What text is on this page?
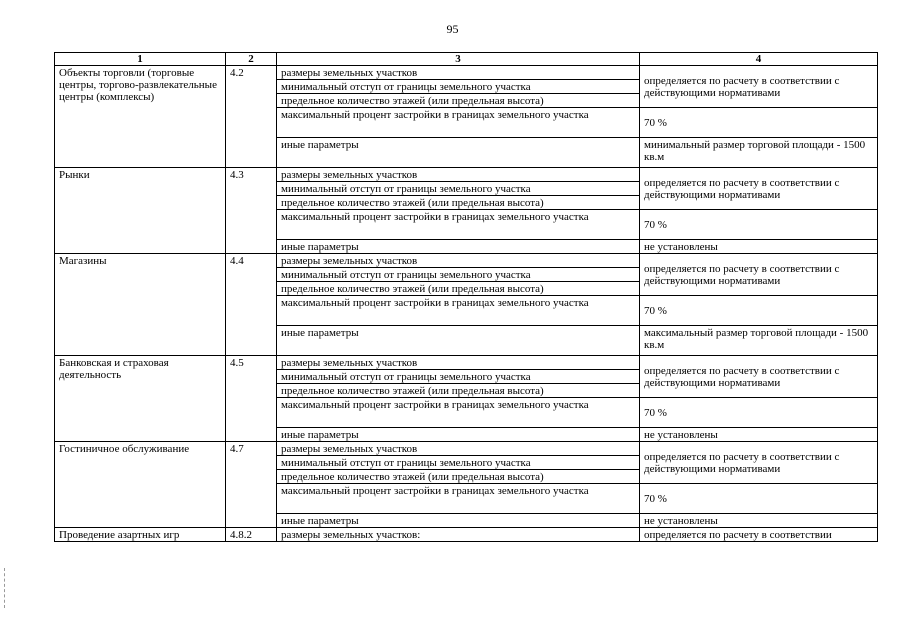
95
1	2	3	4
Объекты торговли (торговые центры, торгово-развлекательные центры (комплексы)	4.2	размеры земельных участков	определяется по расчету в соответствии с действующими нормативами
		минимальный отступ от границы земельного участка	
		предельное количество этажей (или предельная высота)	
		максимальный процент застройки в границах земельного участка	70 %
		иные параметры	минимальный размер торговой площади - 1500 кв.м
Рынки	4.3	размеры земельных участков	определяется по расчету в соответствии с действующими нормативами
		минимальный отступ от границы земельного участка	
		предельное количество этажей (или предельная высота)	
		максимальный процент застройки в границах земельного участка	70 %
		иные параметры	не установлены
Магазины	4.4	размеры земельных участков	определяется по расчету в соответствии с действующими нормативами
		минимальный отступ от границы земельного участка	
		предельное количество этажей (или предельная высота)	
		максимальный процент застройки в границах земельного участка	70 %
		иные параметры	максимальный размер торговой площади - 1500 кв.м
Банковская и страховая деятельность	4.5	размеры земельных участков	определяется по расчету в соответствии с действующими нормативами
		минимальный отступ от границы земельного участка	
		предельное количество этажей (или предельная высота)	
		максимальный процент застройки в границах земельного участка	70 %
		иные параметры	не установлены
Гостиничное обслуживание	4.7	размеры земельных участков	определяется по расчету в соответствии с действующими нормативами
		минимальный отступ от границы земельного участка	
		предельное количество этажей (или предельная высота)	
		максимальный процент застройки в границах земельного участка	70 %
		иные параметры	не установлены
Проведение азартных игр	4.8.2	размеры земельных участков:	определяется по расчету в соответствии
